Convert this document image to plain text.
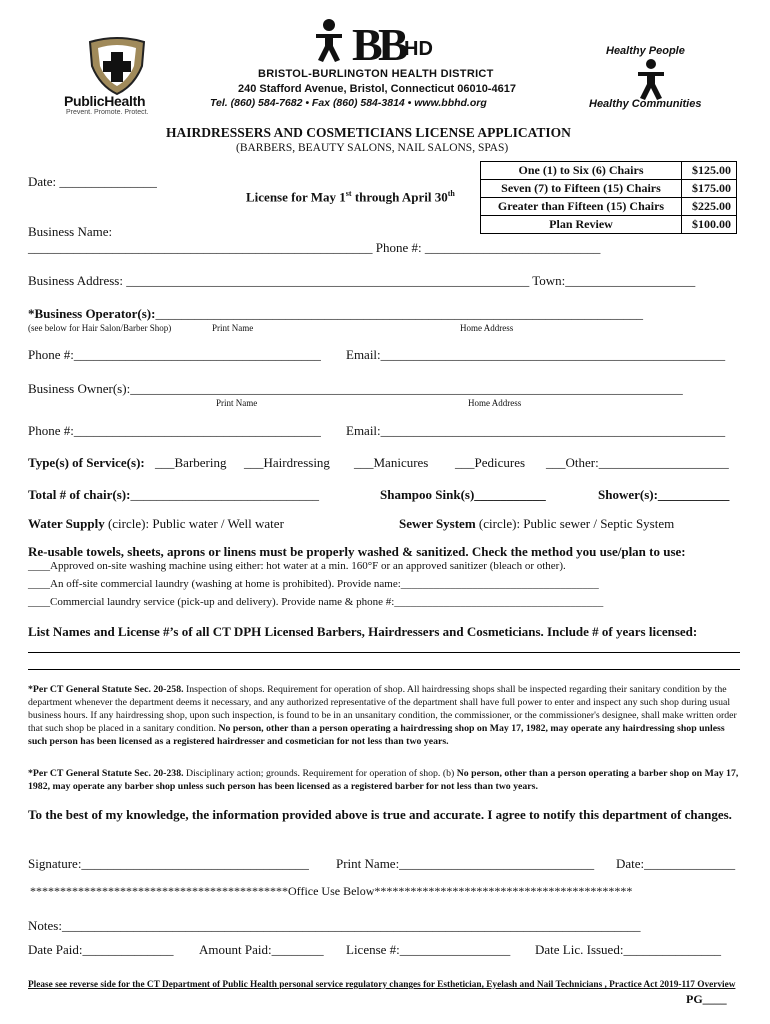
PublicHealth
Prevent. Promote. Protect.
B
B
HD
BRISTOL-BURLINGTON HEALTH DISTRICT
240 Stafford Avenue, Bristol, Connecticut 06010-4617
Tel. (860) 584-7682 • Fax (860) 584-3814 • www.bbhd.org
Healthy People
Healthy Communities
HAIRDRESSERS AND COSMETICIANS LICENSE APPLICATION
(BARBERS, BEAUTY SALONS, NAIL SALONS, SPAS)
Date: _______________
License for May 1st through April 30th
One (1) to Six (6) Chairs	$125.00
Seven (7) to Fifteen (15) Chairs	$175.00
Greater than Fifteen (15) Chairs	$225.00
Plan Review	$100.00
Business Name:
_____________________________________________________ Phone #: ___________________________
Business Address: ______________________________________________________________ Town:____________________
*Business Operator(s):___________________________________________________________________________
(see below for Hair Salon/Barber Shop)	Print Name	Home Address
Phone #:______________________________________ Email:_____________________________________________________
Business Owner(s):_____________________________________________________________________________________
Print Name	Home Address
Phone #:______________________________________ Email:_____________________________________________________
Type(s) of Service(s): ___Barbering ___Hairdressing ___Manicures ___Pedicures ___Other:____________________
Total # of chair(s):_____________________________	Shampoo Sink(s)___________	Shower(s):___________
Water Supply (circle): Public water / Well water	Sewer System (circle): Public sewer / Septic System
Re-usable towels, sheets, aprons or linens must be properly washed & sanitized. Check the method you use/plan to use:
____Approved on-site washing machine using either: hot water at a min. 160°F or an approved sanitizer (bleach or other).
____An off-site commercial laundry (washing at home is prohibited). Provide name:____________________________________
____Commercial laundry service (pick-up and delivery). Provide name & phone #:______________________________________
List Names and License #’s of all CT DPH Licensed Barbers, Hairdressers and Cosmeticians. Include # of years licensed:
*Per CT General Statute Sec. 20-258. Inspection of shops. Requirement for operation of shop. All hairdressing shops shall be inspected regarding their sanitary condition by the department whenever the department deems it necessary, and any authorized representative of the department shall have full power to enter and inspect any such shop during usual business hours. If any hairdressing shop, upon such inspection, is found to be in an unsanitary condition, the commissioner, or the commissioner's designee, shall make written order that such shop be placed in a sanitary condition. No person, other than a person operating a hairdressing shop on May 17, 1982, may operate any hairdressing shop unless such person has been licensed as a registered hairdresser and cosmetician for not less than two years.
*Per CT General Statute Sec. 20-238. Disciplinary action; grounds. Requirement for operation of shop. (b) No person, other than a person operating a barber shop on May 17, 1982, may operate any barber shop unless such person has been licensed as a registered barber for not less than two years.
To the best of my knowledge, the information provided above is true and accurate. I agree to notify this department of changes.
Signature:___________________________________ Print Name:______________________________ Date:______________
*******************************************Office Use Below*******************************************
Notes:_________________________________________________________________________________________
Date Paid:______________ Amount Paid:________ License #:_________________ Date Lic. Issued:_______________
Please see reverse side for the CT Department of Public Health personal service regulatory changes for Esthetician, Eyelash and Nail Technicians , Practice Act 2019-117 Overview
PG____
